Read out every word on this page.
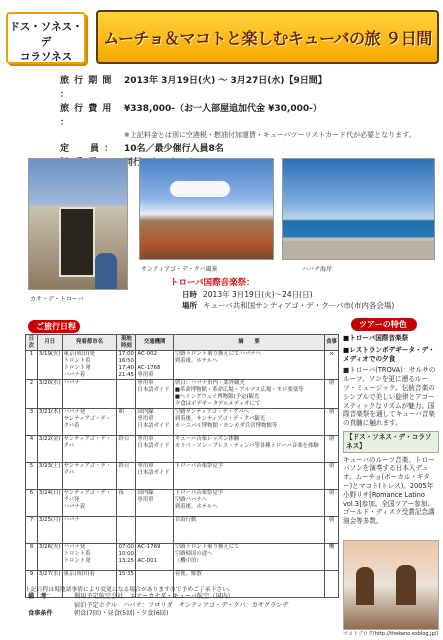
ドス・ソネス・デ
コラソネス
ムーチョ＆マコトと楽しむキューバの旅 ９日間
旅 行 期 間 ：
2013年 3月19日(火) 〜 3月27日(水)【9日間】
旅 行 費 用 ：
¥338,000-（お一人部屋追加代金 ¥30,000-）
※上記料金とは別に空港税・燃油付加運賃・キューバツーリストカード代が必要となります。
定　　員 ：	10名／最少催行人員8名
カサ・デ・トローバ
サンティアゴ・デ・クバ風景	ハバナ海岸
トローバ国際音楽祭：
日時 2013年 3月19日(火)〜24日(日)
場所 キューバ共和国サンティアゴ・デ・クーバ市(市内各会場)
ご旅行日程	ツアーの特色
日次	月日	発着都市名	現地時刻	交通機関	摘　　要	食事
1	3/19(火)	東京(成田)発
トロント着
トロント発
ハバナ着	17:00
16:50
17:40
21:45	AC-002

AC-1768
専用車	空路トロント乗り換えにてハバナへ
到着後、ホテルへ	×
2	3/20(水)	ハバナ		専用車
日本語ガイド	朝日：ハバナ市内・郊外観光
■革命博物館・革命広場・アルマス広場・モロ要塞等
■ヘミングウェイ博物館(予定)観光
夕食はボデギータデルメディオにて	朝
3	3/21(木)	ハバナ発
サンティアゴ・デ・クバ着	朝	国内線
専用車
日本語ガイド	空路サンティアゴ・デ・クバへ
到着後、サンティアゴ・デ・クバ観光
カーニバル博物館・モンカダ兵営博物館等	朝
4	3/22(金)	サンティアゴ・デ・クバ	終日	専用車
日本語ガイド	キューバ音楽レッスン体験
カリベ・ソン・プレス・ティンバ等各種トローバ音楽を体験	朝
5	3/23(土)	サンティアゴ・デ・クバ	終日	専用車
日本語ガイド	トローバ音楽祭見学	朝
6	3/24(日)	サンティアゴ・デ・クバ発
ハバナ着	夜	国内線
専用車	トローバ音楽祭見学
空路ハバナへ
到着後、ホテルへ	朝
7	3/25(月)	ハバナ			自由行動	朝
8	3/26(火)	ハバナ発
トロント着
トロント発	07:00
10:00
13:25	AC-1769

AC-001	空路トロント乗り換えにて
空路帰国の途へ
（機中泊）	機
9	3/27(水)	東京(成田)着	15:35		着後、解散	
上記日程は現地諸事情により変更になる場合がありますので予めご了承下さい。
備　考：	利用予定航空会社　エアーカナダ・キューバ航空（国内）
宿泊予定ホテル　ハバナ：フロリダ　サンティアゴ・デ・クバ：カサグランデ
食事条件	朝食(7回)・昼食(5回)・夕食(6回)

■トローバ国際音楽祭

■レストランボデギータ・デ・メディオでの夕食

■トローバ(TROVA)：サルサのルーツ、ソンを更に遡るルーツ・ミュージック。伝統音楽のシンプルで美しい旋律とアコースティックなリズムが魅力。国際音楽祭を通してキューバ音楽の真髄に触れます。

【ドス・ソネス・デ・コラソネス】

キューバのルーツ音楽、トローバソンを演奏する日本人デュオ。ムーチョ(ボーカル・ギター)とマコト(トレス)。2005年小野リサ[Romance Latino vol.3]参加。全国ツアー参加、ゴールド・ディスク受賞記念講演会等多数。

マコトブログ(http://thekeno.exblog.jp/)
